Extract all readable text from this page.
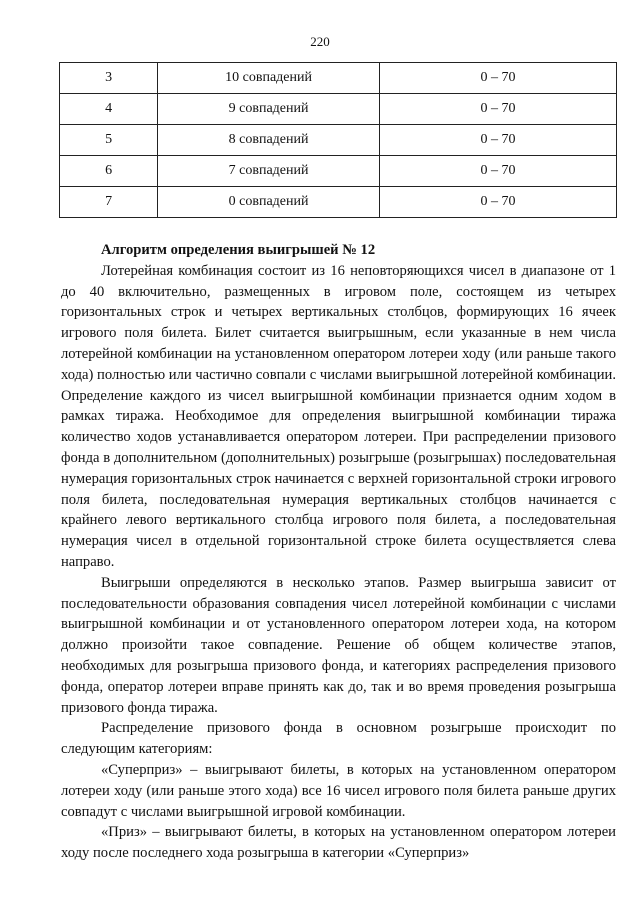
220
3	10 совпадений	0 – 70
4	9 совпадений	0 – 70
5	8 совпадений	0 – 70
6	7 совпадений	0 – 70
7	0 совпадений	0 – 70
Алгоритм определения выигрышей № 12

Лотерейная комбинация состоит из 16 неповторяющихся чисел в диапазоне от 1 до 40 включительно, размещенных в игровом поле, состоящем из четырех горизонтальных строк и четырех вертикальных столбцов, формирующих 16 ячеек игрового поля билета. Билет считается выигрышным, если указанные в нем числа лотерейной комбинации на установленном оператором лотереи ходу (или раньше такого хода) полностью или частично совпали с числами выигрышной лотерейной комбинации. Определение каждого из чисел выигрышной комбинации признается одним ходом в рамках тиража. Необходимое для определения выигрышной комбинации тиража количество ходов устанавливается оператором лотереи. При распределении призового фонда в дополнительном (дополнительных) розыгрыше (розыгрышах) последовательная нумерация горизонтальных строк начинается с верхней горизонтальной строки игрового поля билета, последовательная нумерация вертикальных столбцов начинается с крайнего левого вертикального столбца игрового поля билета, а последовательная нумерация чисел в отдельной горизонтальной строке билета осуществляется слева направо.

Выигрыши определяются в несколько этапов. Размер выигрыша зависит от последовательности образования совпадения чисел лотерейной комбинации с числами выигрышной комбинации и от установленного оператором лотереи хода, на котором должно произойти такое совпадение. Решение об общем количестве этапов, необходимых для розыгрыша призового фонда, и категориях распределения призового фонда, оператор лотереи вправе принять как до, так и во время проведения розыгрыша призового фонда тиража.

Распределение призового фонда в основном розыгрыше происходит по следующим категориям:

«Суперприз» – выигрывают билеты, в которых на установленном оператором лотереи ходу (или раньше этого хода) все 16 чисел игрового поля билета раньше других совпадут с числами выигрышной игровой комбинации.

«Приз» – выигрывают билеты, в которых на установленном оператором лотереи ходу после последнего хода розыгрыша в категории «Суперприз»
